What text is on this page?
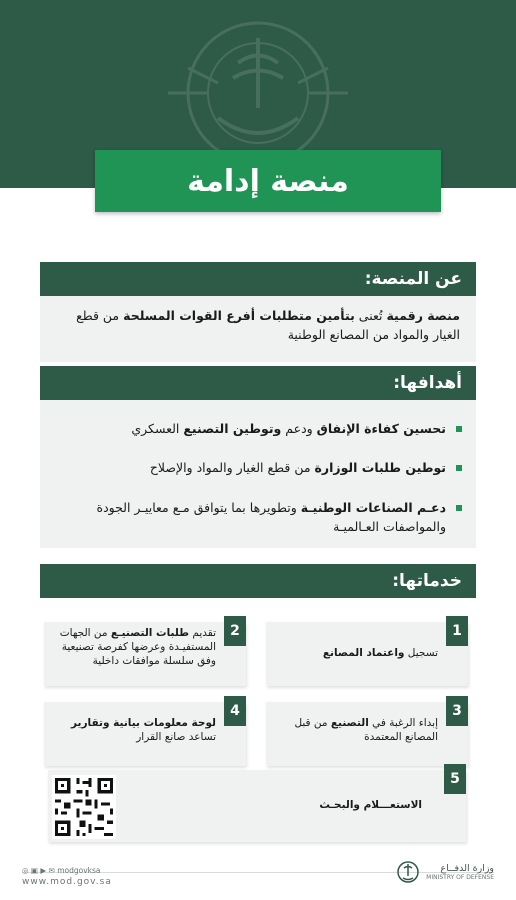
منصة إدامة
عن المنصة:
منصة رقمية تُعنى بتأمين متطلبات أفرع القوات المسلحة من قطع الغيار والمواد من المصانع الوطنية
أهدافها:
تحسين كفاءة الإنفاق ودعم وتوطين التصنيع العسكري
توطين طلبات الوزارة من قطع الغيار والمواد والإصلاح
دعـم الصناعات الوطنيـة وتطويرها بما يتوافق مـع معاييـر الجودة والمواصفات العـالميـة
خدماتها:
1
تسجيل واعتماد المصانع
2
تقديم طلبات التصنيـع من الجهات المستفيـدة وعرضها كفرصة تصنيعية وفق سلسلة موافقات داخلية
3
إبداء الرغبة في التصنيع من قبل المصانع المعتمدة
4
لوحة معلومات بيانية وتقارير تساعد صانع القرار
5
الاستعـــلام والبحـث
◎ ▣ ▶ ✉ modgovksa
www.mod.gov.sa
وزارة الدفــاع
MINISTRY OF DEFENSE
